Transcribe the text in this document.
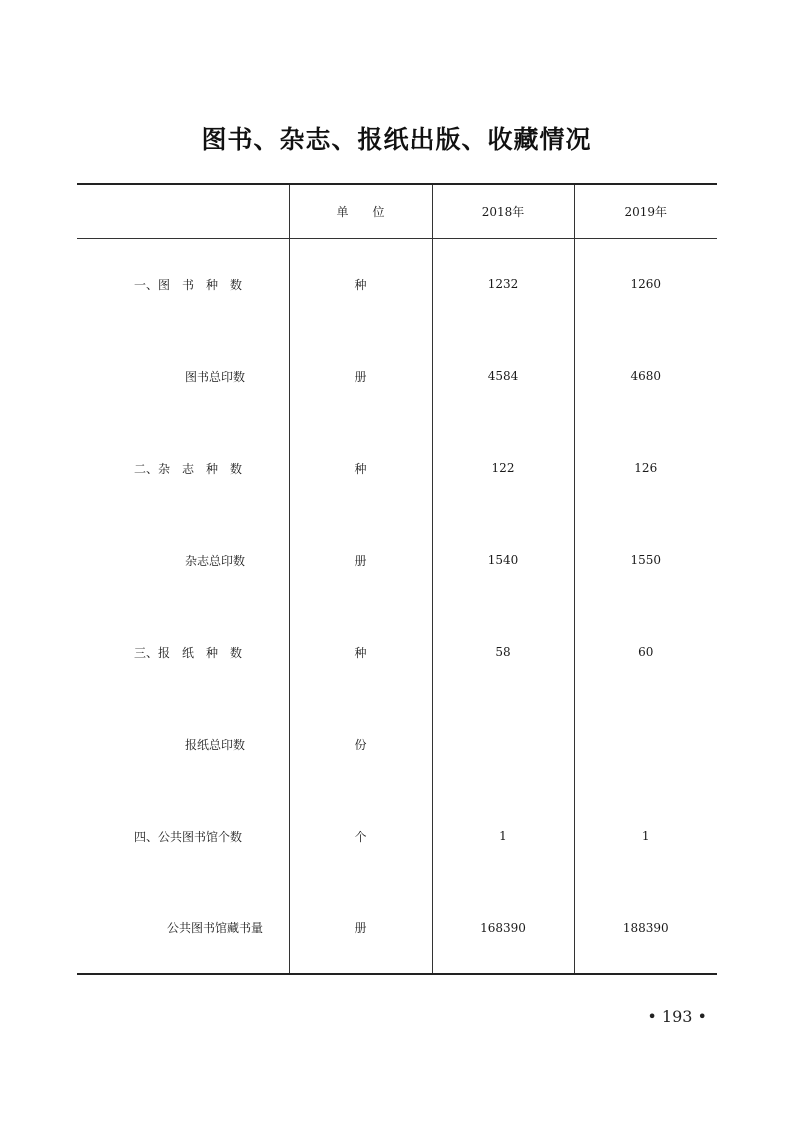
图书、杂志、报纸出版、收藏情况
	单　　位	2018年	2019年
一、图　书　种　数	种	1232	1260
图书总印数	册	4584	4680
二、杂　志　种　数	种	122	126
杂志总印数	册	1540	1550
三、报　纸　种　数	种	58	60
报纸总印数	份		
四、公共图书馆个数	个	1	1
公共图书馆藏书量	册	168390	188390
• 193 •
